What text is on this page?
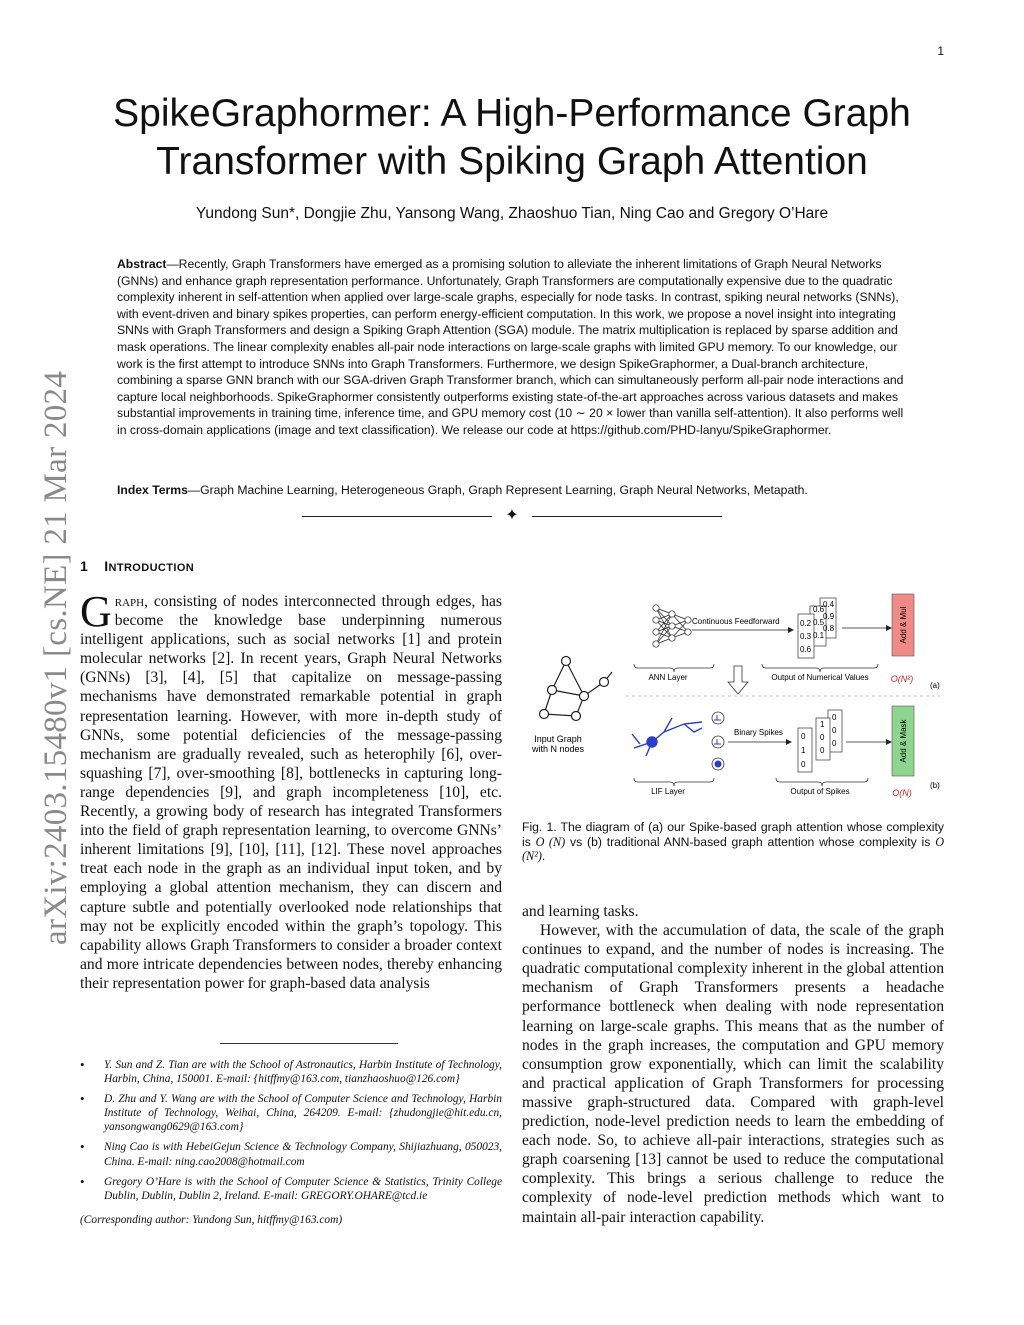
1
arXiv:2403.15480v1 [cs.NE] 21 Mar 2024
SpikeGraphormer: A High-Performance Graph Transformer with Spiking Graph Attention
Yundong Sun*, Dongjie Zhu, Yansong Wang, Zhaoshuo Tian, Ning Cao and Gregory O’Hare
Abstract—Recently, Graph Transformers have emerged as a promising solution to alleviate the inherent limitations of Graph Neural Networks (GNNs) and enhance graph representation performance. Unfortunately, Graph Transformers are computationally expensive due to the quadratic complexity inherent in self-attention when applied over large-scale graphs, especially for node tasks. In contrast, spiking neural networks (SNNs), with event-driven and binary spikes properties, can perform energy-efficient computation. In this work, we propose a novel insight into integrating SNNs with Graph Transformers and design a Spiking Graph Attention (SGA) module. The matrix multiplication is replaced by sparse addition and mask operations. The linear complexity enables all-pair node interactions on large-scale graphs with limited GPU memory. To our knowledge, our work is the first attempt to introduce SNNs into Graph Transformers. Furthermore, we design SpikeGraphormer, a Dual-branch architecture, combining a sparse GNN branch with our SGA-driven Graph Transformer branch, which can simultaneously perform all-pair node interactions and capture local neighborhoods. SpikeGraphormer consistently outperforms existing state-of-the-art approaches across various datasets and makes substantial improvements in training time, inference time, and GPU memory cost (10 ∼ 20 × lower than vanilla self-attention). It also performs well in cross-domain applications (image and text classification). We release our code at https://github.com/PHD-lanyu/SpikeGraphormer.
Index Terms—Graph Machine Learning, Heterogeneous Graph, Graph Represent Learning, Graph Neural Networks, Metapath.
✦
1 INTRODUCTION
Graph, consisting of nodes interconnected through edges, has become the knowledge base underpinning numerous intelligent applications, such as social networks [1] and protein molecular networks [2]. In recent years, Graph Neural Networks (GNNs) [3], [4], [5] that capitalize on message-passing mechanisms have demonstrated remarkable potential in graph representation learning. However, with more in-depth study of GNNs, some potential deficiencies of the message-passing mechanism are gradually revealed, such as heterophily [6], over-squashing [7], over-smoothing [8], bottlenecks in capturing long-range dependencies [9], and graph incompleteness [10], etc. Recently, a growing body of research has integrated Transformers into the field of graph representation learning, to overcome GNNs’ inherent limitations [9], [10], [11], [12]. These novel approaches treat each node in the graph as an individual input token, and by employing a global attention mechanism, they can discern and capture subtle and potentially overlooked node relationships that may not be explicitly encoded within the graph’s topology. This capability allows Graph Transformers to consider a broader context and more intricate dependencies between nodes, thereby enhancing their representation power for graph-based data analysis
• Y. Sun and Z. Tian are with the School of Astronautics, Harbin Institute of Technology, Harbin, China, 150001. E-mail: {hitffmy@163.com, tianzhaoshuo@126.com}
• D. Zhu and Y. Wang are with the School of Computer Science and Technology, Harbin Institute of Technology, Weihai, China, 264209. E-mail: {zhudongjie@hit.edu.cn, yansongwang0629@163.com}
• Ning Cao is with HebeiGejun Science & Technology Company, Shijiazhuang, 050023, China. E-mail: ning.cao2008@hotmail.com
• Gregory O’Hare is with the School of Computer Science & Statistics, Trinity College Dublin, Dublin, Dublin 2, Ireland. E-mail: GREGORY.OHARE@tcd.ie
(Corresponding author: Yundong Sun, hitffmy@163.com)
Input Graph
with N nodes
Continuous Feedforward
0.4
0.6
0.9
0.5
0.8
0.2
0.1
0.3
0.6
Add & Mul
ANN Layer	Output of Numerical Values O(N²)
(a)
Binary Spikes
0
1
0
0
0
0
0
1
0
Add & Mask
LIF Layer	Output of Spikes	O(N)
(b)
Fig. 1. The diagram of (a) our Spike-based graph attention whose complexity is O (N) vs (b) traditional ANN-based graph attention whose complexity is O (N²).

and learning tasks.

However, with the accumulation of data, the scale of the graph continues to expand, and the number of nodes is increasing. The quadratic computational complexity inherent in the global attention mechanism of Graph Transformers presents a headache performance bottleneck when dealing with node representation learning on large-scale graphs. This means that as the number of nodes in the graph increases, the computation and GPU memory consumption grow exponentially, which can limit the scalability and practical application of Graph Transformers for processing massive graph-structured data. Compared with graph-level prediction, node-level prediction needs to learn the embedding of each node. So, to achieve all-pair interactions, strategies such as graph coarsening [13] cannot be used to reduce the computational complexity. This brings a serious challenge to reduce the complexity of node-level prediction methods which want to maintain all-pair interaction capability.
